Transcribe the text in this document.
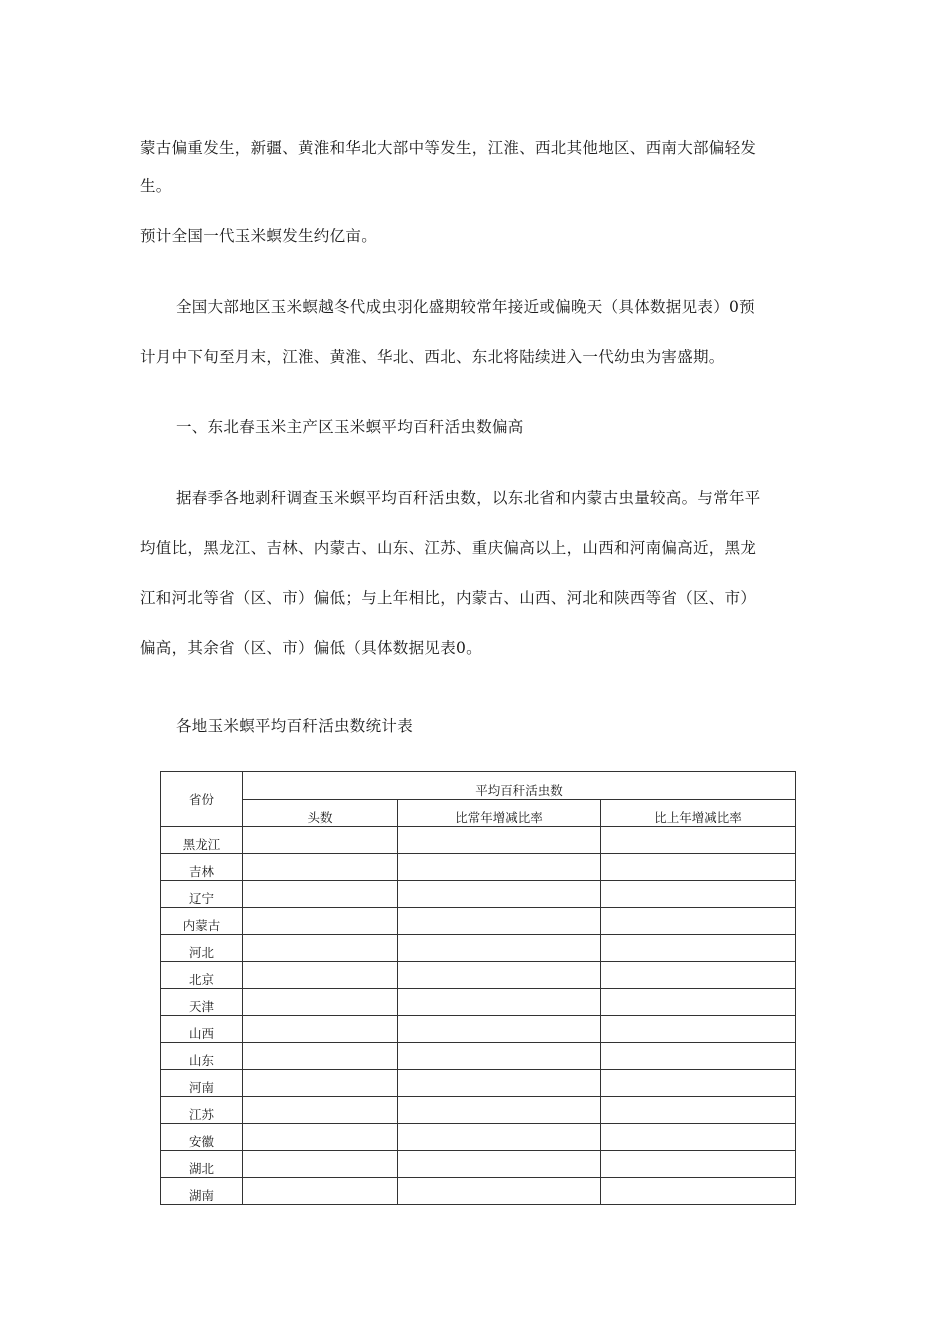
蒙古偏重发生，新疆、黄淮和华北大部中等发生，江淮、西北其他地区、西南大部偏轻发
生。
预计全国一代玉米螟发生约亿亩。
全国大部地区玉米螟越冬代成虫羽化盛期较常年接近或偏晚天（具体数据见表）0预
计月中下旬至月末，江淮、黄淮、华北、西北、东北将陆续进入一代幼虫为害盛期。
一、东北春玉米主产区玉米螟平均百秆活虫数偏高
据春季各地剥秆调查玉米螟平均百秆活虫数，以东北省和内蒙古虫量较高。与常年平
均值比，黑龙江、吉林、内蒙古、山东、江苏、重庆偏高以上，山西和河南偏高近，黑龙
江和河北等省（区、市）偏低；与上年相比，内蒙古、山西、河北和陕西等省（区、市）
偏高，其余省（区、市）偏低（具体数据见表0。
各地玉米螟平均百秆活虫数统计表
省份	平均百秆活虫数		
	头数	比常年增减比率	比上年增减比率
黑龙江			
吉林			
辽宁			
内蒙古			
河北			
北京			
天津			
山西			
山东			
河南			
江苏			
安徽			
湖北			
湖南			
